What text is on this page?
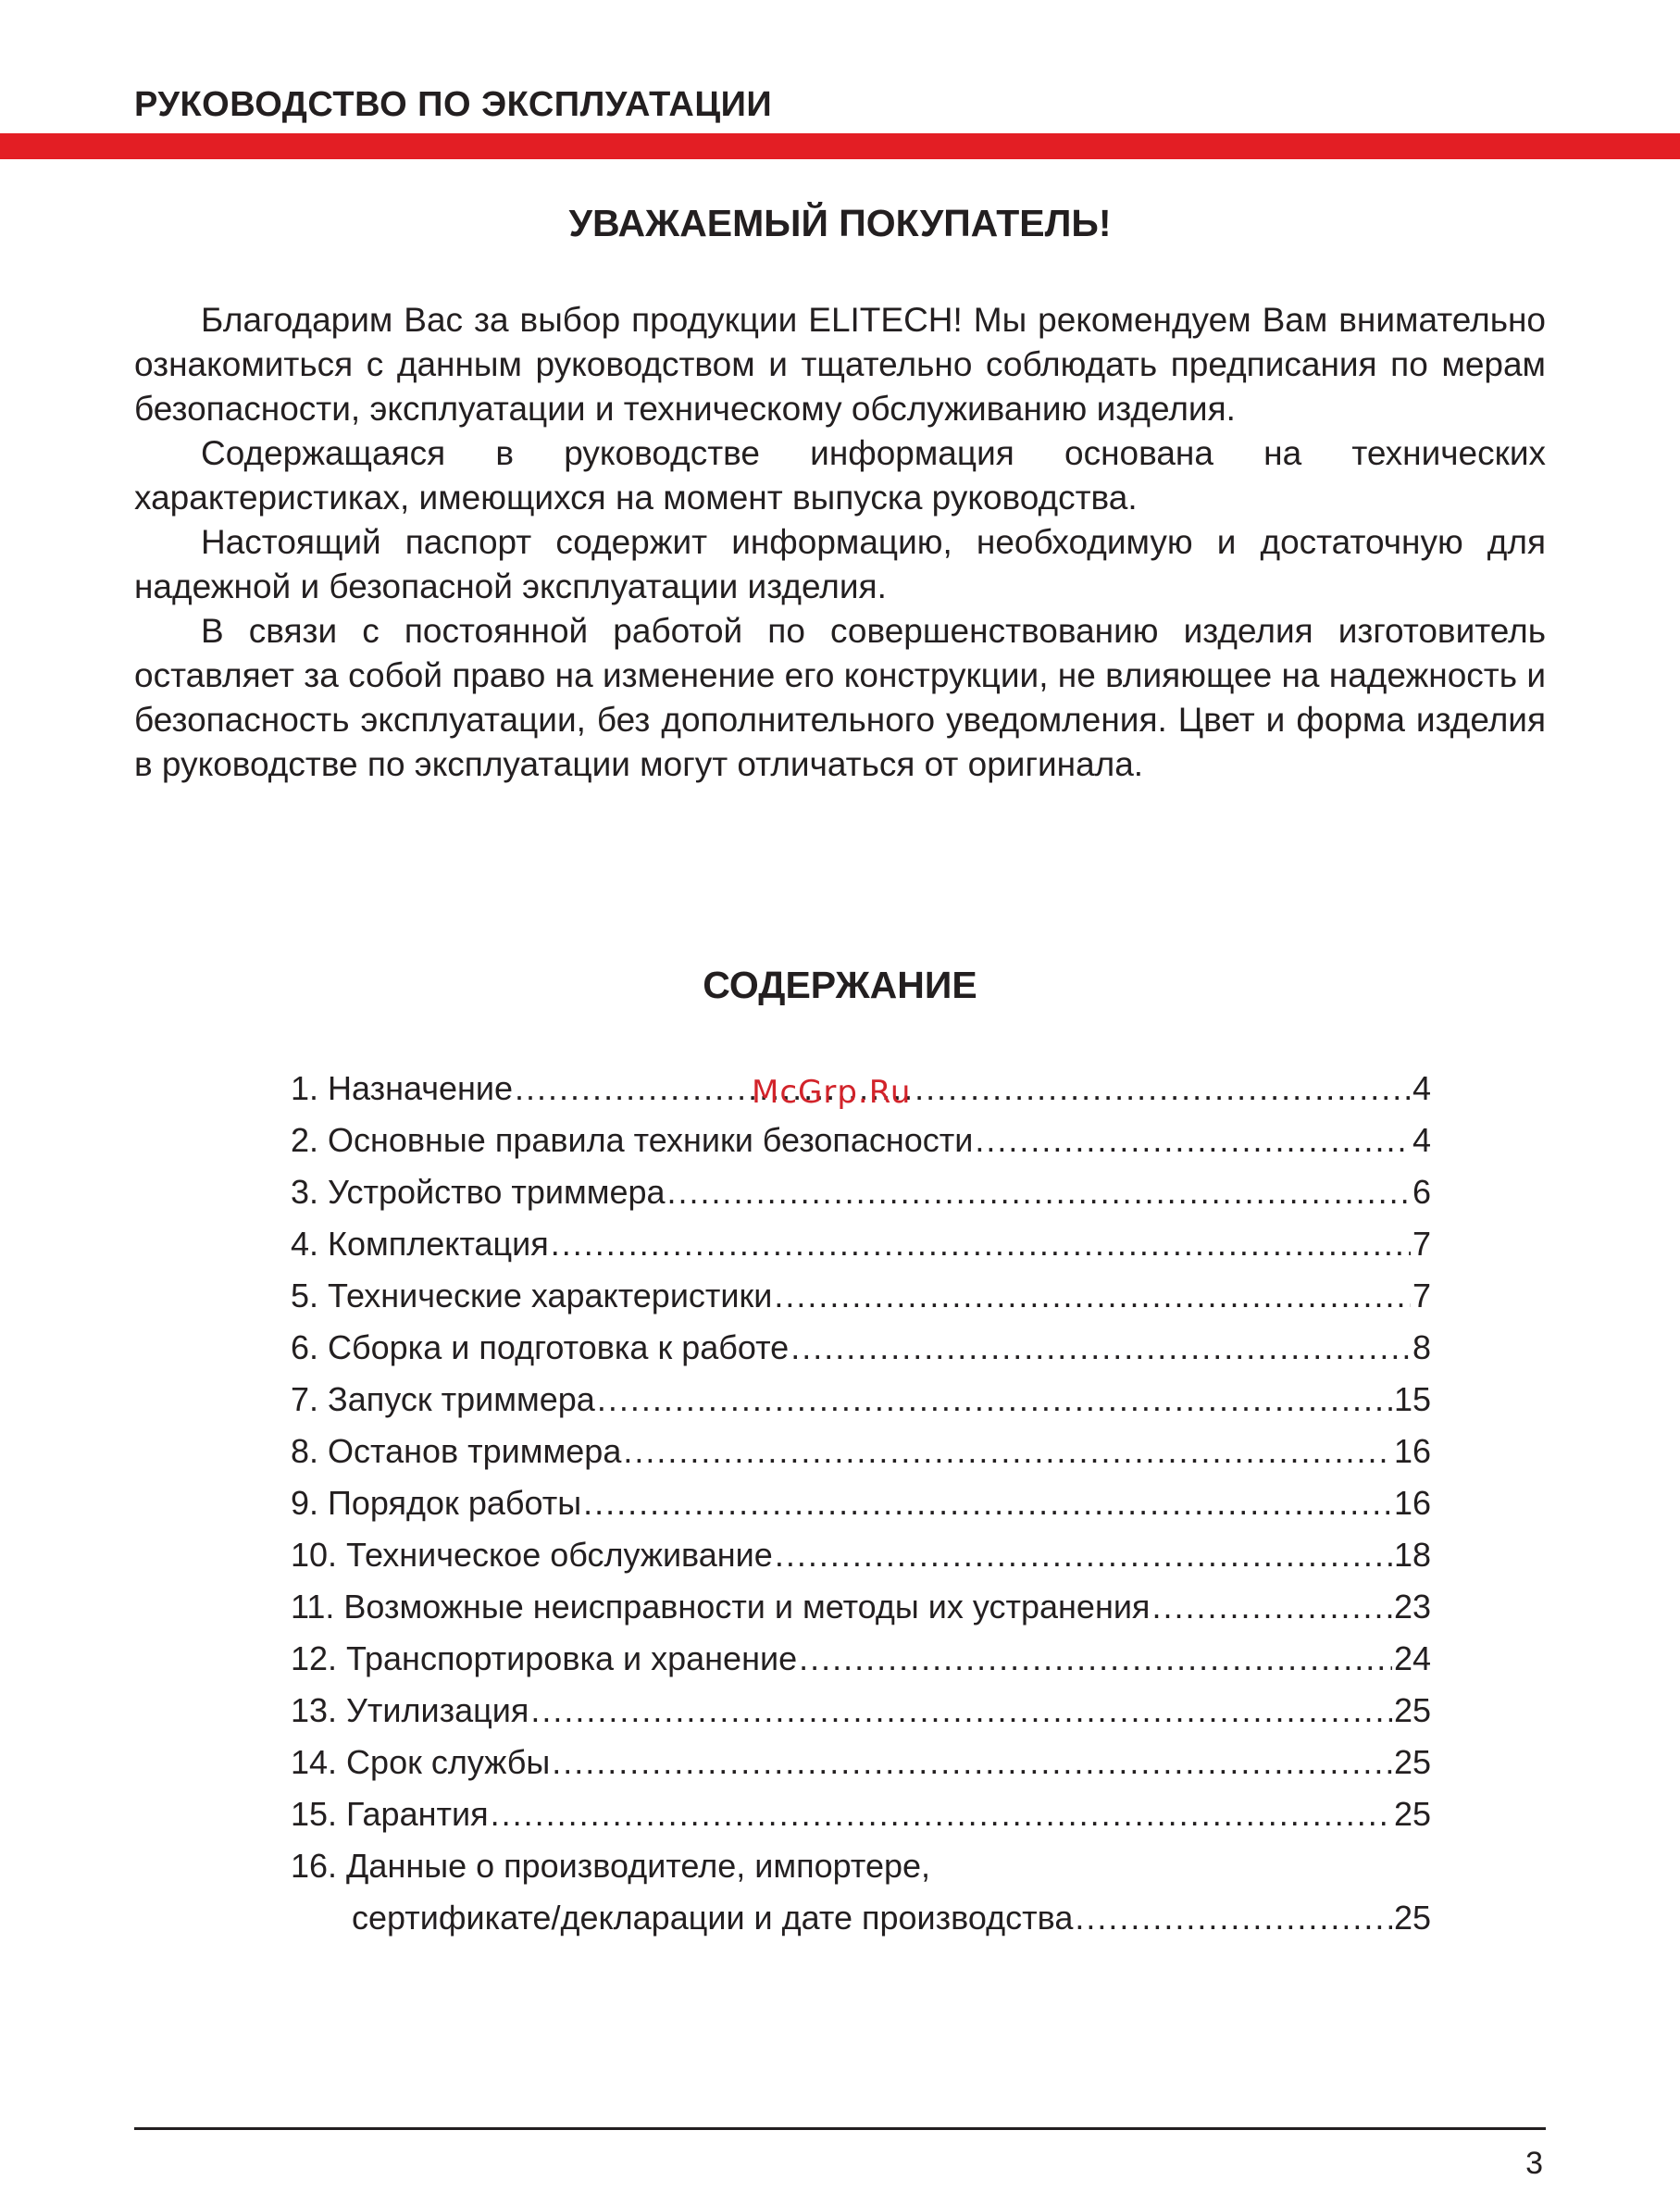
РУКОВОДСТВО ПО ЭКСПЛУАТАЦИИ
УВАЖАЕМЫЙ ПОКУПАТЕЛЬ!

Благодарим Вас за выбор продукции ELITECH! Мы рекомендуем Вам внимательно ознакомиться с данным руководством и тщательно соблюдать предписания по мерам безопасности, эксплуатации и техническому обслуживанию изделия.

Содержащаяся в руководстве информация основана на технических характеристиках, имеющихся на момент выпуска руководства.

Настоящий паспорт содержит информацию, необходимую и достаточную для надежной и безопасной эксплуатации изделия.

В связи с постоянной работой по совершенствованию изделия изготовитель оставляет за собой право на изменение его конструкции, не влияющее на надежность и безопасность эксплуатации, без дополнительного уведомления. Цвет и форма изделия в руководстве по эксплуатации могут отличаться от оригинала.

СОДЕРЖАНИЕ
1. Назначение .....	4
2. Основные правила техники безопасности .....	4
3. Устройство триммера .....	6
4. Комплектация .....	7
5. Технические характеристики .....	7
6. Сборка и подготовка к работе .....	8
7. Запуск триммера .....	15
8. Останов триммера .....	16
9. Порядок работы .....	16
10. Техническое обслуживание .....	18
11. Возможные неисправности и методы их устранения .....	23
12. Транспортировка и хранение .....	24
13. Утилизация .....	25
14. Срок службы .....	25
15. Гарантия .....	25
16. Данные о производителе, импортере,
сертификате/декларации и дате производства .....	25
McGrp.Ru
3
